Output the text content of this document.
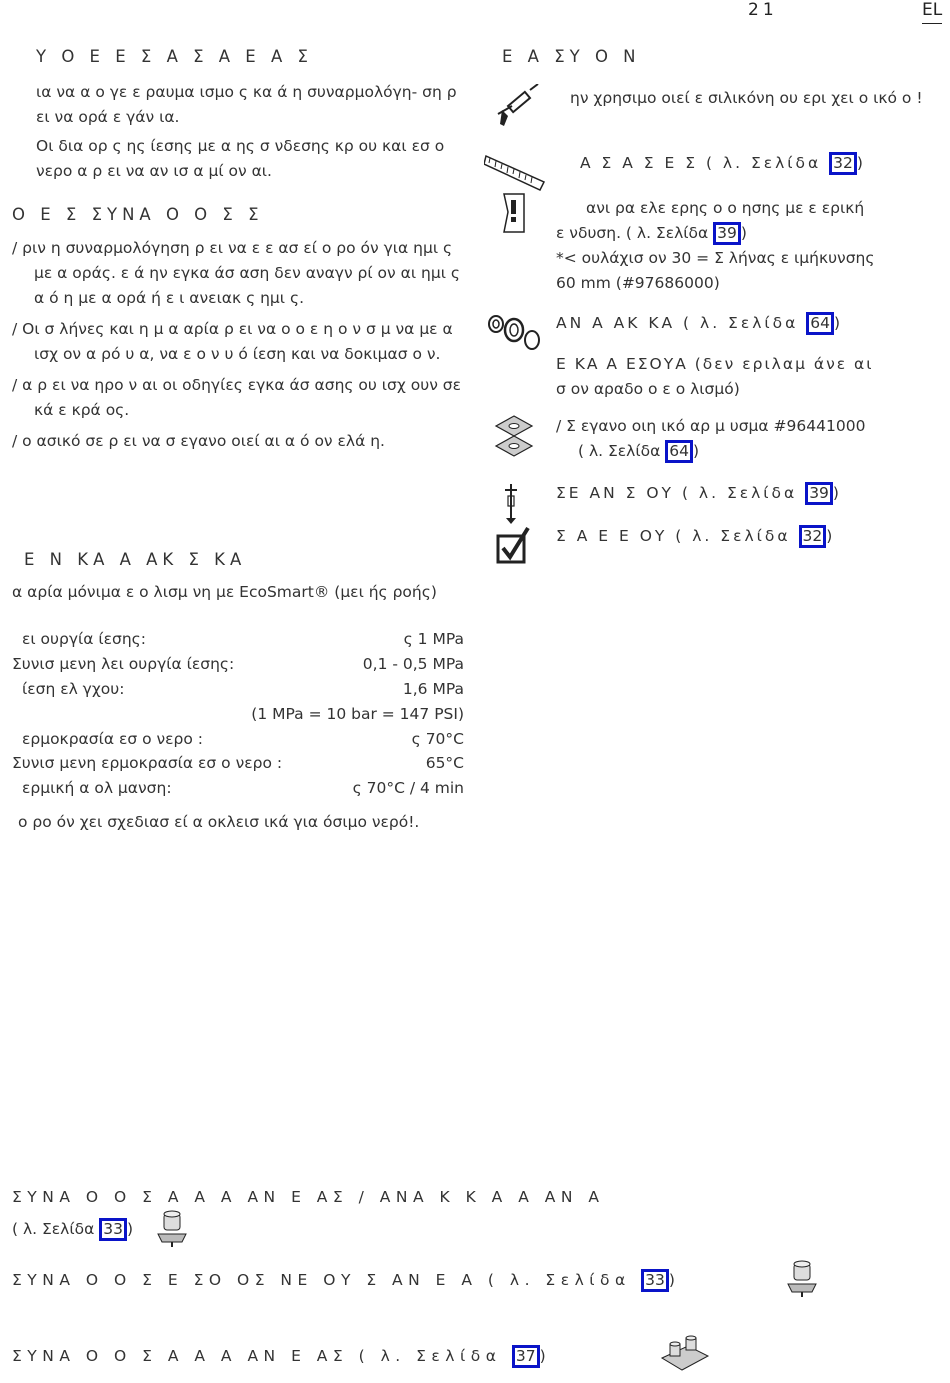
21	EL
Υ Ο Ε Ε Σ Α Σ Α Ε Α Σ
ια να α ο γε ε ραυμα ισμο ς κα ά η συναρμολόγη- ση ρ ει να ορά ε γάν ια.
Οι δια ορ ς ης ίεσης με α ης σ νδεσης κρ ου και εσ ο νερο α ρ ει να αν ισ α μί ον αι.
Ο Ε Σ ΣΥΝΑ Ο Ο Σ Σ
/ ριν η συναρμολόγηση ρ ει να ε ε ασ εί ο ρο όν για ημι ς με α οράς. ε ά ην εγκα άσ αση δεν αναγν ρί ον αι ημι ς α ό η με α ορά ή ε ι ανειακ ς ημι ς.
/ Οι σ λήνες και η μ α αρία ρ ει να ο ο ε η ο ν σ μ να με α ισχ ον α ρό υ α, να ε ο ν υ ό ίεση και να δοκιμασ ο ν.
/ α ρ ει να ηρο ν αι οι οδηγίες εγκα άσ ασης ου ισχ ουν σε κά ε κρά ος.
/ ο ασικό σε ρ ει να σ εγανο οιεί αι α ό ον ελά η.
Ε Ν ΚΑ Α ΑΚ Σ ΚΑ
α αρία μόνιμα ε ο λισμ νη με EcoSmart® (μει ής ροής)
ει ουργία ίεσης:	ς 1 MPa
Συνισ μενη λει ουργία ίεσης:	0,1 - 0,5 MPa
ίεση ελ γχου:	1,6 MPa
(1 MPa = 10 bar = 147 PSI)
ερμοκρασία εσ ο νερο :	ς 70°C
Συνισ μενη ερμοκρασία εσ ο νερο :	65°C
ερμική α ολ μανση:	ς 70°C / 4 min
ο ρο όν χει σχεδιασ εί α οκλεισ ικά για όσιμο νερό!.
Ε Α ΣΥ Ο Ν
ην χρησιμο οιεί ε σιλικόνη ου ερι χει ο ικό ο !
Α Σ Α Σ Ε Σ ( λ. Σελίδα 32 )
ανι ρα ελε ερης ο ο ησης με ε ερική
ε νδυση. ( λ. Σελίδα 39 )
*< ουλάχισ ον 30 = Σ λήνας ε ιμήκυνσης
60 mm (#97686000)
ΑΝ Α ΑΚ ΚΑ ( λ. Σελίδα 64 )
Ε ΚΑ Α ΕΣΟΥΑ (δεν εριλαμ άνε αι
σ ον αραδο ο ε ο λισμό)
/ Σ εγανο οιη ικό αρ μ υσμα #96441000
( λ. Σελίδα 64 )
ΣΕ ΑΝ Σ ΟΥ ( λ. Σελίδα 39 )
Σ Α Ε Ε ΟΥ ( λ. Σελίδα 32 )
ΣΥΝΑ Ο Ο Σ Α Α Α ΑΝ Ε ΑΣ / ΑΝΑ Κ Κ Α Α ΑΝ Α
( λ. Σελίδα 33 )
ΣΥΝΑ Ο Ο Σ Ε ΣΟ ΟΣ ΝΕ ΟΥ Σ ΑΝ Ε Α ( λ. Σελίδα 33 )
ΣΥΝΑ Ο Ο Σ Α Α Α ΑΝ Ε ΑΣ ( λ. Σελίδα 37 )
